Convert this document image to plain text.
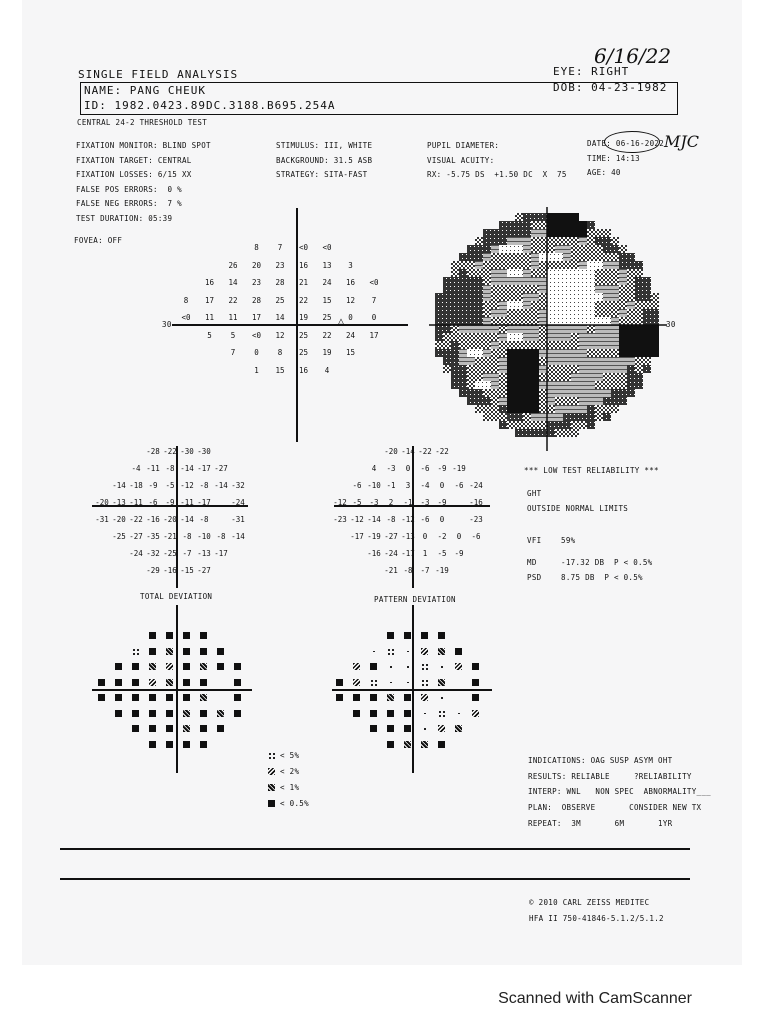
6/16/22
MJC
SINGLE FIELD ANALYSIS	EYE: RIGHT
NAME: PANG CHEUK	DOB: 04-23-1982
ID: 1982.0423.89DC.3188.B695.254A
CENTRAL 24-2 THRESHOLD TEST
FIXATION MONITOR: BLIND SPOT
FIXATION TARGET: CENTRAL
FIXATION LOSSES: 6/15 XX
FALSE POS ERRORS:  0 %
FALSE NEG ERRORS:  7 %
TEST DURATION: 05:39
FOVEA: OFF
STIMULUS: III, WHITE
BACKGROUND: 31.5 ASB
STRATEGY: SITA-FAST
PUPIL DIAMETER:
VISUAL ACUITY:
RX: -5.75 DS  +1.50 DC  X  75
DATE: 06-16-2022
TIME: 14:13
AGE: 40
30	△
8	7	<0	<0
26	20	23	16	13	3
16	14	23	28	21	24	16	<0
8	17	22	28	25	22	15	12	7
<0	11	11	17	14	19	25	0	0
5	5	<0	12	25	22	24	17
7	0	8	25	19	15
1	15	16	4
30
-28 -22 -30 -30
-4 -11 -8 -14 -17 -27
-14 -18 -9	-5 -12 -8 -14 -32
-20 -13 -11 -6	-9 -11 -17	-24
-31 -20 -22 -16 -20 -14 -8	-31
-25 -27 -35 -21 -8 -10 -8 -14
-24 -32 -25 -7 -13 -17
-29 -16 -15 -27
-20 -14 -22 -22
4	-3	0	-6	-9 -19
-6 -10 -1	3	-4	0	-6 -24
-12 -5	-3	2	-1	-3	-9	-16
-23 -12 -14 -8 -12 -6	0	-23
-17 -19 -27 -13	0	-2	0	-6
-16 -24 -17	1	-5	-9
-21 -8	-7 -19
*** LOW TEST RELIABILITY ***
GHT
OUTSIDE NORMAL LIMITS
VFI	59%
MD	-17.32 DB  P < 0.5%
PSD	8.75 DB  P < 0.5%
TOTAL DEVIATION	PATTERN DEVIATION
< 5%
< 2%
< 1%
< 0.5%
INDICATIONS: OAG SUSP ASYM OHT
RESULTS: RELIABLE     ?RELIABILITY
INTERP: WNL   NON SPEC  ABNORMALITY___
PLAN:  OBSERVE       CONSIDER NEW TX
REPEAT:  3M       6M       1YR
© 2010 CARL ZEISS MEDITEC
HFA II 750-41846-5.1.2/5.1.2
Scanned with CamScanner
